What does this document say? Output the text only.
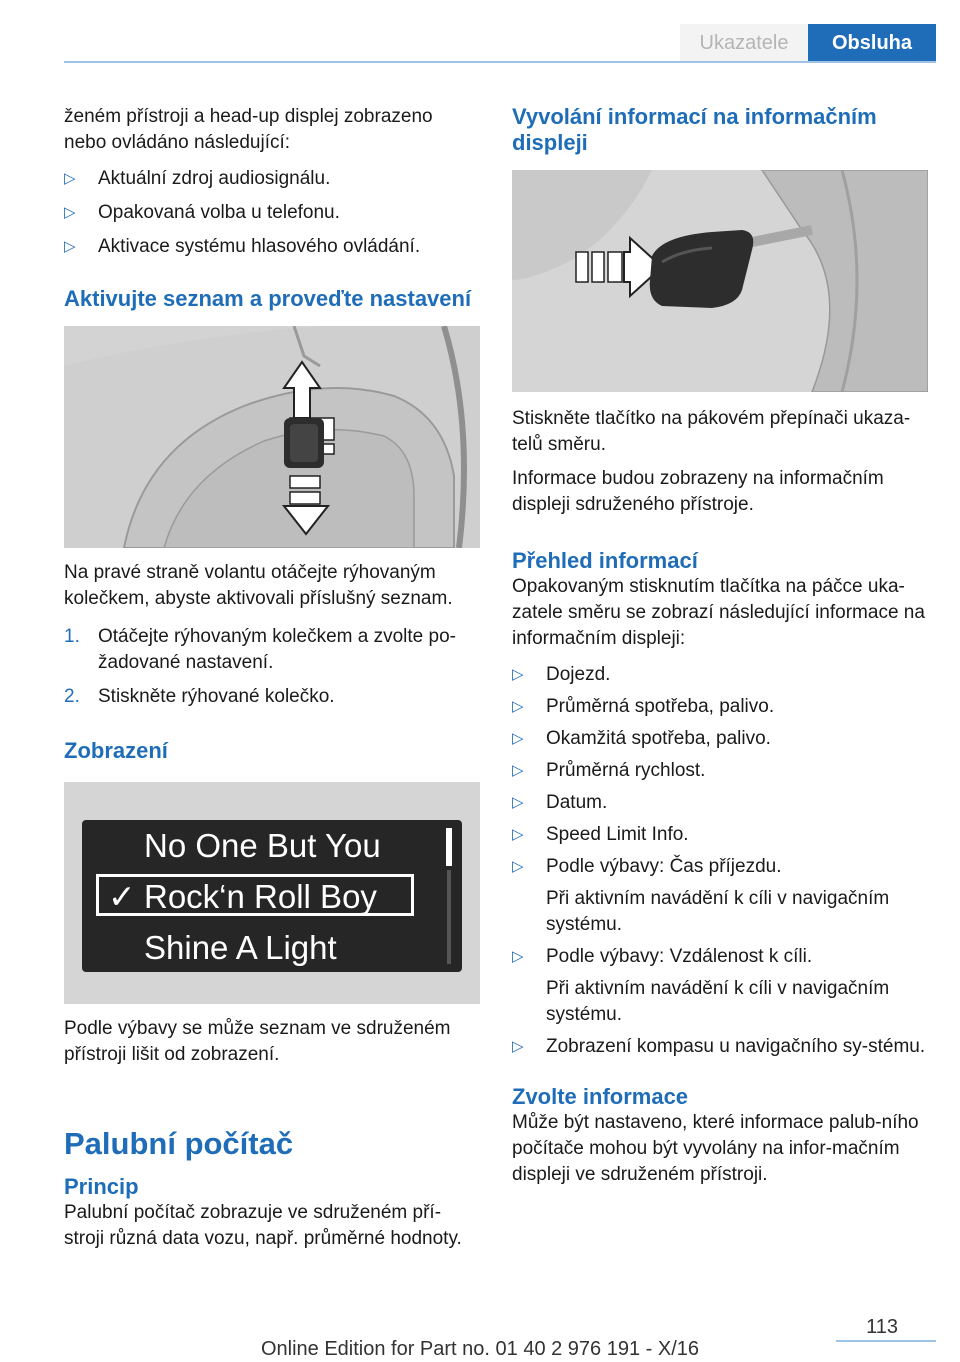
Ukazatele	Obsluha

ženém přístroji a head-up displej zobrazeno nebo ovládáno následující:

▷ Aktuální zdroj audiosignálu.
▷ Opakovaná volba u telefonu.
▷ Aktivace systému hlasového ovládání.
Aktivujte seznam a proveďte nastavení

Na pravé straně volantu otáčejte rýhovaným kolečkem, abyste aktivovali příslušný seznam.

1. Otáčejte rýhovaným kolečkem a zvolte po-žadované nastavení.
2. Stiskněte rýhované kolečko.
Zobrazení
No One But You
✓ Rock‘n Roll Boy
Shine A Light

Podle výbavy se může seznam ve sdruženém přístroji lišit od zobrazení.

Palubní počítač
Princip

Palubní počítač zobrazuje ve sdruženém pří-stroji různá data vozu, např. průměrné hodnoty.

Vyvolání informací na informačním displeji

Stiskněte tlačítko na pákovém přepínači ukaza-telů směru.

Informace budou zobrazeny na informačním displeji sdruženého přístroje.

Přehled informací

Opakovaným stisknutím tlačítka na páčce uka-zatele směru se zobrazí následující informace na informačním displeji:

▷ Dojezd.
▷ Průměrná spotřeba, palivo.
▷ Okamžitá spotřeba, palivo.
▷ Průměrná rychlost.
▷ Datum.
▷ Speed Limit Info.
▷ Podle výbavy: Čas příjezdu.
Při aktivním navádění k cíli v navigačním systému.
▷ Podle výbavy: Vzdálenost k cíli.
Při aktivním navádění k cíli v navigačním systému.
▷ Zobrazení kompasu u navigačního sy-stému.
Zvolte informace

Může být nastaveno, které informace palub-ního počítače mohou být vyvolány na infor-mačním displeji ve sdruženém přístroji.

113
Online Edition for Part no. 01 40 2 976 191 - X/16
